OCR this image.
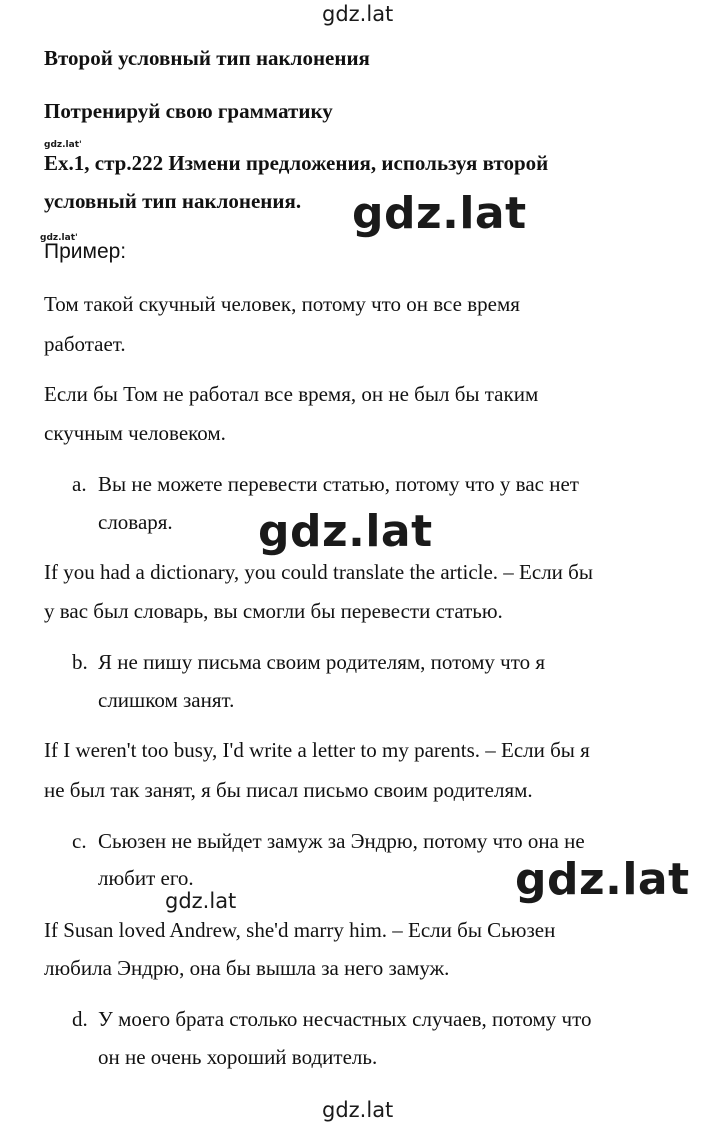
gdz.lat
gdz.lat'
gdz.lat'	gdz.lat
gdz.lat
gdz.lat
gdz.lat
gdz.lat
Второй условный тип наклонения
Потренируй свою грамматику
Ex.1, стр.222 Измени предложения, используя второй
условный тип наклонения.
Пример:
Том такой скучный человек, потому что он все время
работает.
Если бы Том не работал все время, он не был бы таким
скучным человеком.
a. Вы не можете перевести статью, потому что у вас нет
словаря.
If you had a dictionary, you could translate the article. – Если бы
у вас был словарь, вы смогли бы перевести статью.
b. Я не пишу письма своим родителям, потому что я
слишком занят.
If I weren't too busy, I'd write a letter to my parents. – Если бы я
не был так занят, я бы писал письмо своим родителям.
c. Сьюзен не выйдет замуж за Эндрю, потому что она не
любит его.
If Susan loved Andrew, she'd marry him. – Если бы Сьюзен
любила Эндрю, она бы вышла за него замуж.
d. У моего брата столько несчастных случаев, потому что
он не очень хороший водитель.
